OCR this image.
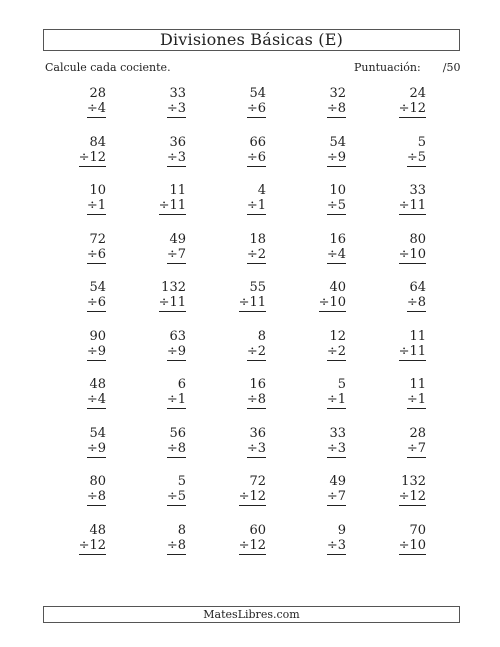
Divisiones Básicas (E)
Calcule cada cociente.	Puntuación: /50
28
÷4
33
÷3
54
÷6
32
÷8
24
÷12
84
÷12
36
÷3
66
÷6
54
÷9
5
÷5
10
÷1
11
÷11
4
÷1
10
÷5
33
÷11
72
÷6
49
÷7
18
÷2
16
÷4
80
÷10
54
÷6
132
÷11
55
÷11
40
÷10
64
÷8
90
÷9
63
÷9
8
÷2
12
÷2
11
÷11
48
÷4
6
÷1
16
÷8
5
÷1
11
÷1
54
÷9
56
÷8
36
÷3
33
÷3
28
÷7
80
÷8
5
÷5
72
÷12
49
÷7
132
÷12
48
÷12
8
÷8
60
÷12
9
÷3
70
÷10
MatesLibres.com
